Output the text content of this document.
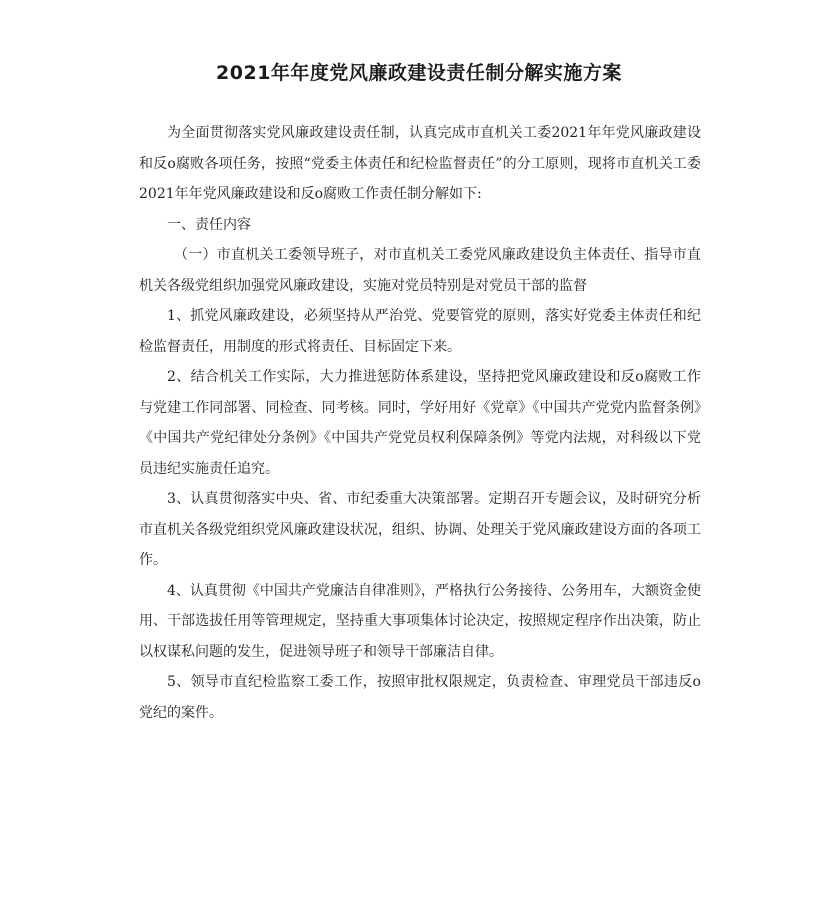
2021年年度党风廉政建设责任制分解实施方案

为全面贯彻落实党风廉政建设责任制，认真完成市直机关工委2021年年党风廉政建设和反o腐败各项任务，按照“党委主体责任和纪检监督责任”的分工原则，现将市直机关工委2021年年党风廉政建设和反o腐败工作责任制分解如下:

一、责任内容

（一）市直机关工委领导班子，对市直机关工委党风廉政建设负主体责任、指导市直机关各级党组织加强党风廉政建设，实施对党员特别是对党员干部的监督

1、抓党风廉政建设，必须坚持从严治党、党要管党的原则，落实好党委主体责任和纪检监督责任，用制度的形式将责任、目标固定下来。

2、结合机关工作实际，大力推进惩防体系建设，坚持把党风廉政建设和反o腐败工作与党建工作同部署、同检查、同考核。同时，学好用好《党章》《中国共产党党内监督条例》《中国共产党纪律处分条例》《中国共产党党员权利保障条例》等党内法规，对科级以下党员违纪实施责任追究。

3、认真贯彻落实中央、省、市纪委重大决策部署。定期召开专题会议，及时研究分析市直机关各级党组织党风廉政建设状况，组织、协调、处理关于党风廉政建设方面的各项工作。

4、认真贯彻《中国共产党廉洁自律准则》，严格执行公务接待、公务用车，大额资金使用、干部选拔任用等管理规定，坚持重大事项集体讨论决定，按照规定程序作出决策，防止以权谋私问题的发生，促进领导班子和领导干部廉洁自律。

5、领导市直纪检监察工委工作，按照审批权限规定，负责检查、审理党员干部违反o党纪的案件。
